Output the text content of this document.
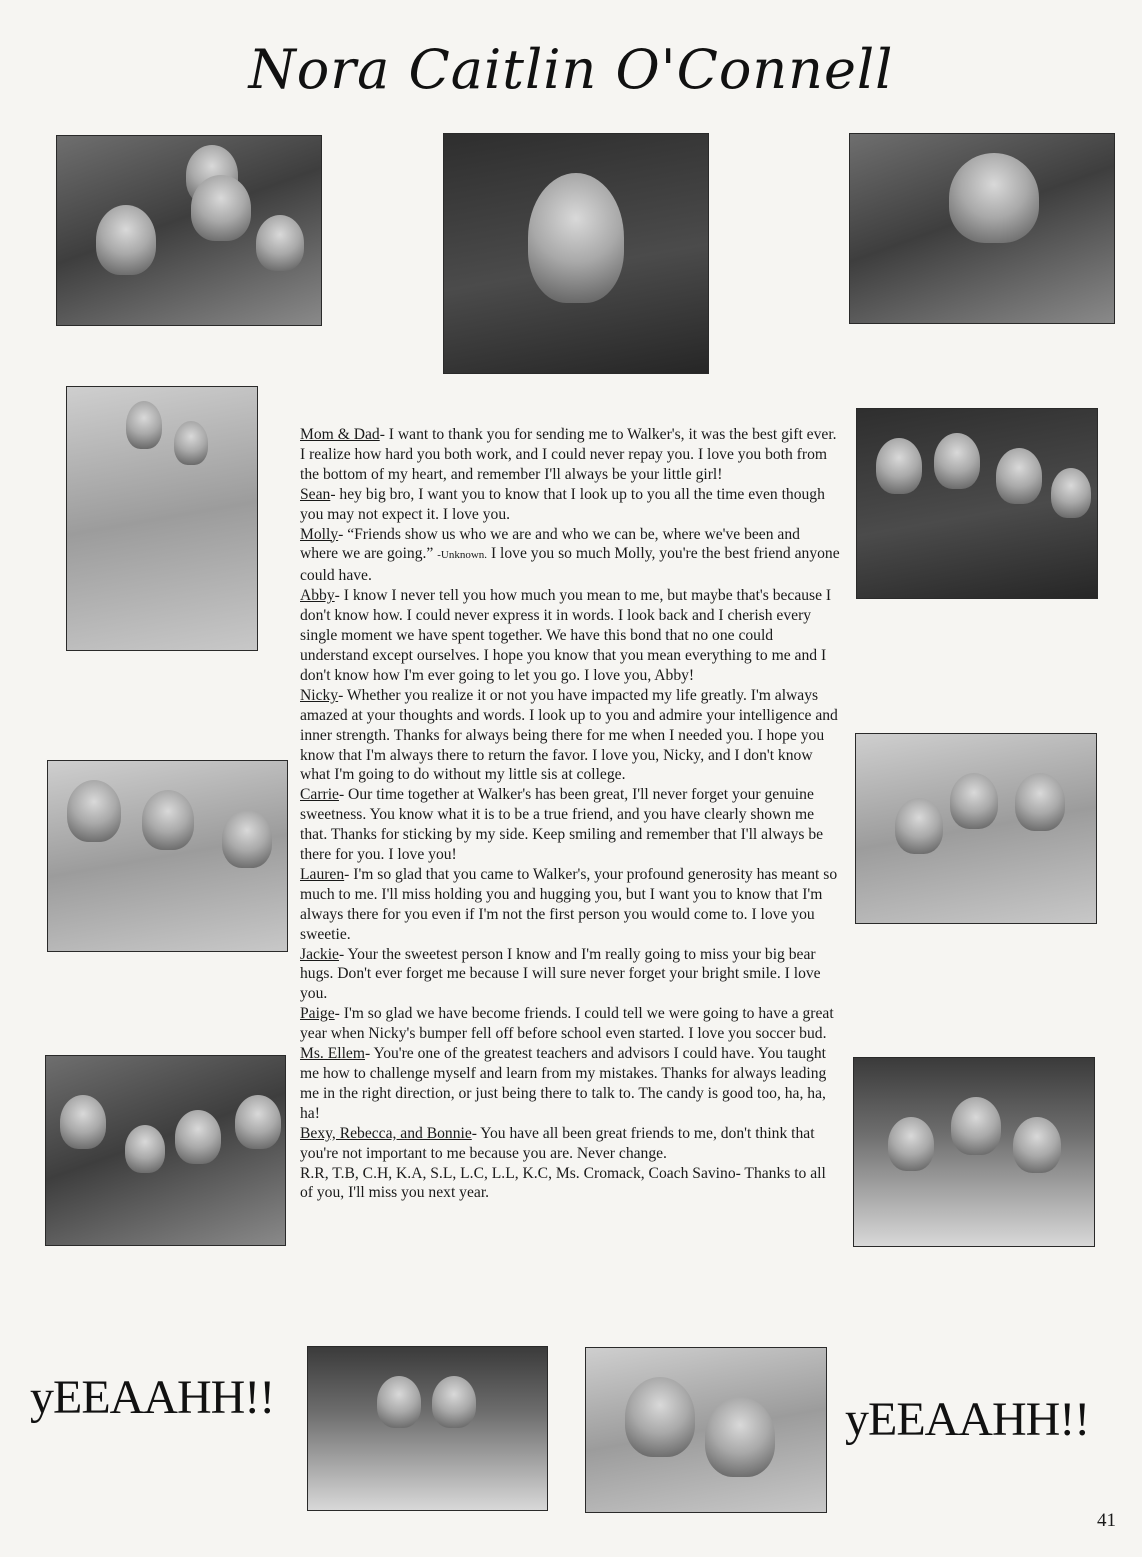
Nora Caitlin O'Connell
yEEAAHH!!	yEEAAHH!!

Mom & Dad- I want to thank you for sending me to Walker's, it was the best gift ever. I realize how hard you both work, and I could never repay you. I love you both from the bottom of my heart, and remember I'll always be your little girl!

Sean- hey big bro, I want you to know that I look up to you all the time even though you may not expect it. I love you.

Molly- “Friends show us who we are and who we can be, where we've been and where we are going.” -Unknown. I love you so much Molly, you're the best friend anyone could have.

Abby- I know I never tell you how much you mean to me, but maybe that's because I don't know how. I could never express it in words. I look back and I cherish every single moment we have spent together. We have this bond that no one could understand except ourselves. I hope you know that you mean everything to me and I don't know how I'm ever going to let you go. I love you, Abby!

Nicky- Whether you realize it or not you have impacted my life greatly. I'm always amazed at your thoughts and words. I look up to you and admire your intelligence and inner strength. Thanks for always being there for me when I needed you. I hope you know that I'm always there to return the favor. I love you, Nicky, and I don't know what I'm going to do without my little sis at college.

Carrie- Our time together at Walker's has been great, I'll never forget your genuine sweetness. You know what it is to be a true friend, and you have clearly shown me that. Thanks for sticking by my side. Keep smiling and remember that I'll always be there for you. I love you!

Lauren- I'm so glad that you came to Walker's, your profound generosity has meant so much to me. I'll miss holding you and hugging you, but I want you to know that I'm always there for you even if I'm not the first person you would come to. I love you sweetie.

Jackie- Your the sweetest person I know and I'm really going to miss your big bear hugs. Don't ever forget me because I will sure never forget your bright smile. I love you.

Paige- I'm so glad we have become friends. I could tell we were going to have a great year when Nicky's bumper fell off before school even started. I love you soccer bud.

Ms. Ellem- You're one of the greatest teachers and advisors I could have. You taught me how to challenge myself and learn from my mistakes. Thanks for always leading me in the right direction, or just being there to talk to. The candy is good too, ha, ha, ha!

Bexy, Rebecca, and Bonnie- You have all been great friends to me, don't think that you're not important to me because you are. Never change.

R.R, T.B, C.H, K.A, S.L, L.C, L.L, K.C, Ms. Cromack, Coach Savino- Thanks to all of you, I'll miss you next year.

41
